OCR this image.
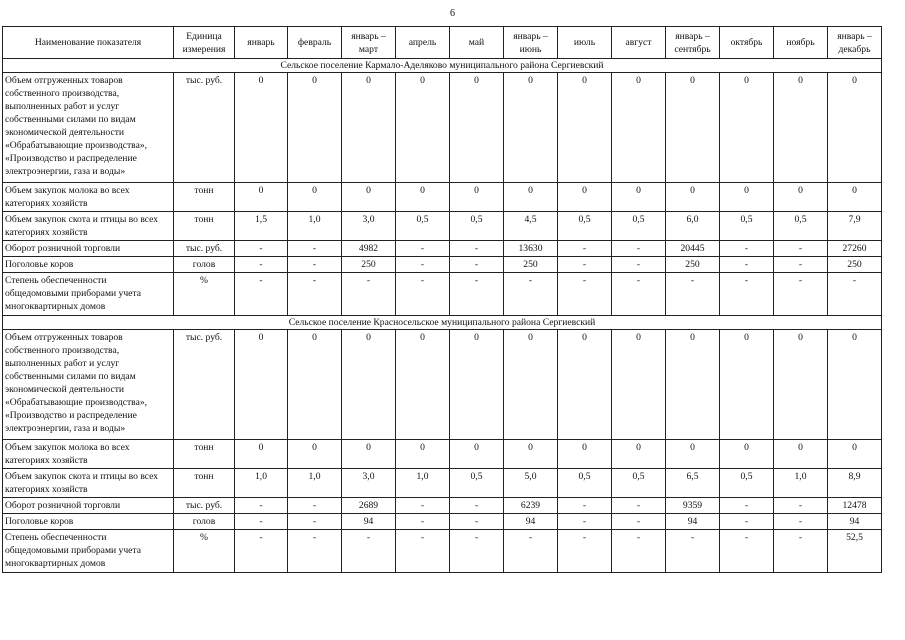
6
Наименование показателя	Единица измерения	январь	февраль	январь – март	апрель	май	январь – июнь	июль	август	январь – сентябрь	октябрь	ноябрь	январь – декабрь
Сельское поселение Кармало-Аделяково муниципального района Сергиевский													
Объем отгруженных товаров собственного производства, выполненных работ и услуг собственными силами по видам экономической деятельности «Обрабатывающие производства», «Производство и распределение электроэнергии, газа и воды»	тыс. руб.	0	0	0	0	0	0	0	0	0	0	0	0
Объем закупок молока во всех категориях хозяйств	тонн	0	0	0	0	0	0	0	0	0	0	0	0
Объем закупок скота и птицы во всех категориях хозяйств	тонн	1,5	1,0	3,0	0,5	0,5	4,5	0,5	0,5	6,0	0,5	0,5	7,9
Оборот розничной торговли	тыс. руб.	-	-	4982	-	-	13630	-	-	20445	-	-	27260
Поголовье коров	голов	-	-	250	-	-	250	-	-	250	-	-	250
Степень обеспеченности общедомовыми приборами учета многоквартирных домов	%	-	-	-	-	-	-	-	-	-	-	-	-
Сельское поселение Красносельское муниципального района Сергиевский													
Объем отгруженных товаров собственного производства, выполненных работ и услуг собственными силами по видам экономической деятельности «Обрабатывающие производства», «Производство и распределение электроэнергии, газа и воды»	тыс. руб.	0	0	0	0	0	0	0	0	0	0	0	0
Объем закупок молока во всех категориях хозяйств	тонн	0	0	0	0	0	0	0	0	0	0	0	0
Объем закупок скота и птицы во всех категориях хозяйств	тонн	1,0	1,0	3,0	1,0	0,5	5,0	0,5	0,5	6,5	0,5	1,0	8,9
Оборот розничной торговли	тыс. руб.	-	-	2689	-	-	6239	-	-	9359	-	-	12478
Поголовье коров	голов	-	-	94	-	-	94	-	-	94	-	-	94
Степень обеспеченности общедомовыми приборами учета многоквартирных домов	%	-	-	-	-	-	-	-	-	-	-	-	52,5
